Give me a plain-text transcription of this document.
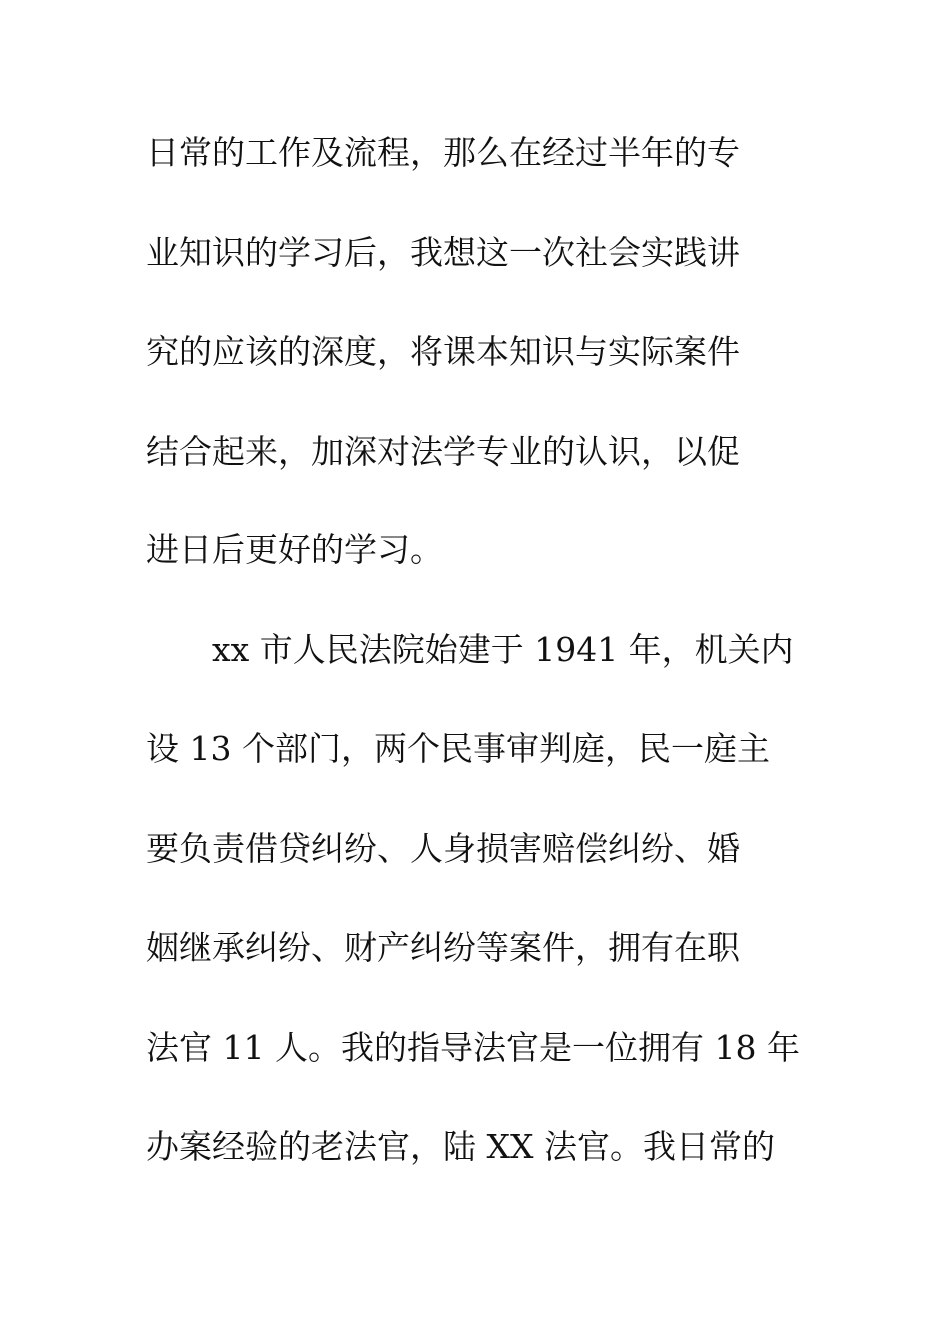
日常的工作及流程，那么在经过半年的专
业知识的学习后，我想这一次社会实践讲
究的应该的深度，将课本知识与实际案件
结合起来，加深对法学专业的认识，以促
进日后更好的学习。
xx 市人民法院始建于 1941 年，机关内
设 13 个部门，两个民事审判庭，民一庭主
要负责借贷纠纷、人身损害赔偿纠纷、婚
姻继承纠纷、财产纠纷等案件，拥有在职
法官 11 人。我的指导法官是一位拥有 18 年
办案经验的老法官，陆 XX 法官。我日常的
